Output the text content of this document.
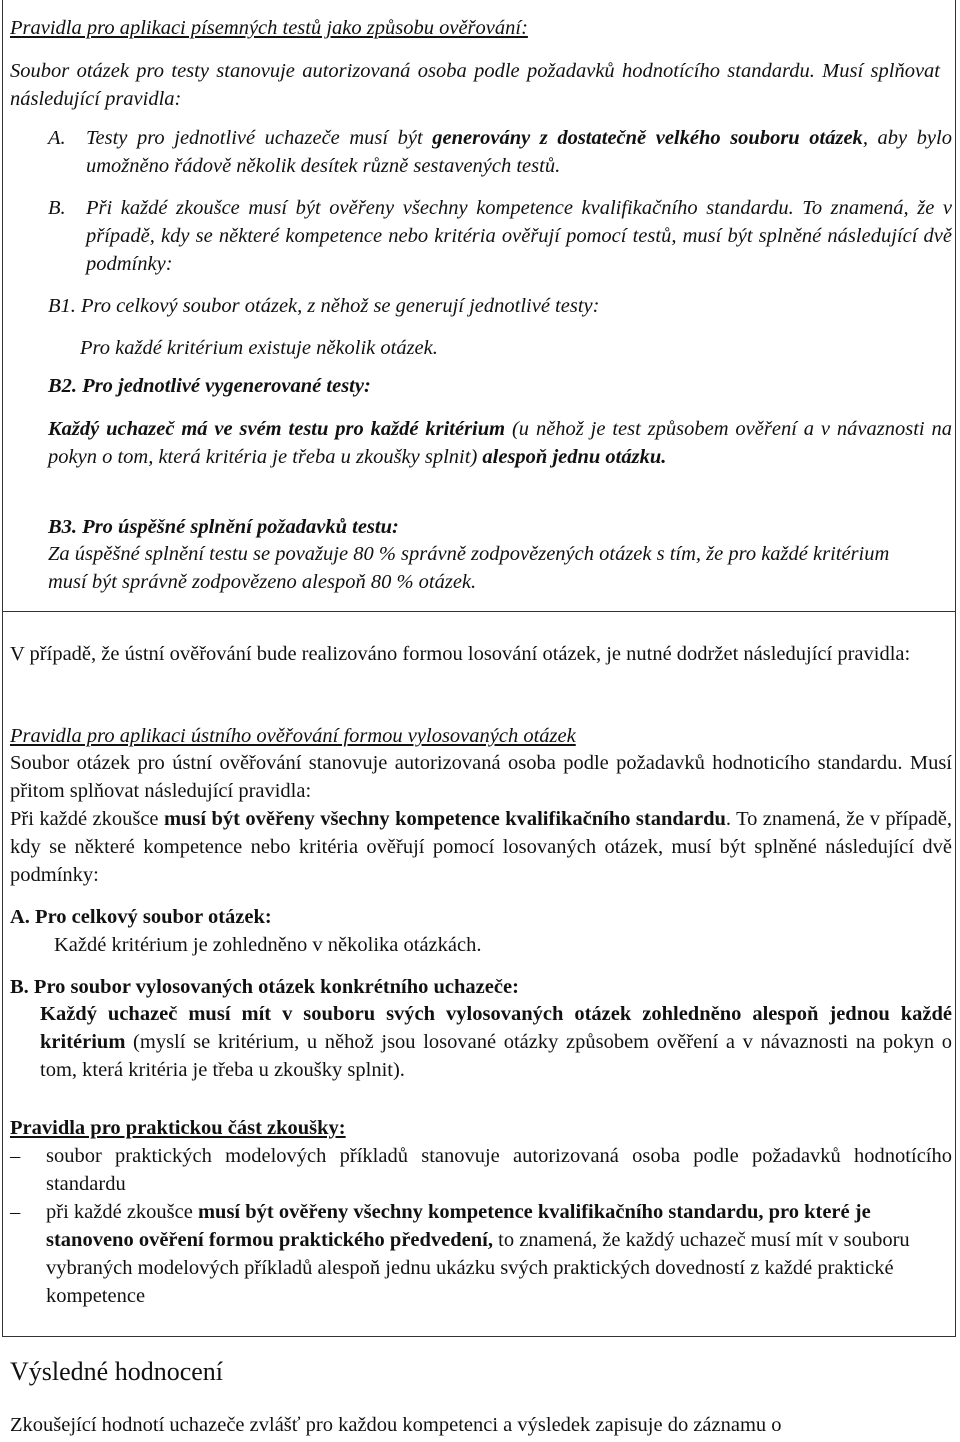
Pravidla pro aplikaci písemných testů jako způsobu ověřování:
Soubor otázek pro testy stanovuje autorizovaná osoba podle požadavků hodnotícího standardu. Musí splňovat následující pravidla:
A. Testy pro jednotlivé uchazeče musí být generovány z dostatečně velkého souboru otázek, aby bylo umožněno řádově několik desítek různě sestavených testů.
B. Při každé zkoušce musí být ověřeny všechny kompetence kvalifikačního standardu. To znamená, že v případě, kdy se některé kompetence nebo kritéria ověřují pomocí testů, musí být splněné následující dvě podmínky:
B1. Pro celkový soubor otázek, z něhož se generují jednotlivé testy:
Pro každé kritérium existuje několik otázek.
B2. Pro jednotlivé vygenerované testy:
Každý uchazeč má ve svém testu pro každé kritérium (u něhož je test způsobem ověření a v návaznosti na pokyn o tom, která kritéria je třeba u zkoušky splnit) alespoň jednu otázku.
B3. Pro úspěšné splnění požadavků testu:
Za úspěšné splnění testu se považuje 80 % správně zodpovězených otázek s tím, že pro každé kritérium musí být správně zodpovězeno alespoň 80 % otázek.
V případě, že ústní ověřování bude realizováno formou losování otázek, je nutné dodržet následující pravidla:
Pravidla pro aplikaci ústního ověřování formou vylosovaných otázek
Soubor otázek pro ústní ověřování stanovuje autorizovaná osoba podle požadavků hodnoticího standardu. Musí přitom splňovat následující pravidla:
Při každé zkoušce musí být ověřeny všechny kompetence kvalifikačního standardu. To znamená, že v případě, kdy se některé kompetence nebo kritéria ověřují pomocí losovaných otázek, musí být splněné následující dvě podmínky:
A. Pro celkový soubor otázek:
Každé kritérium je zohledněno v několika otázkách.
B. Pro soubor vylosovaných otázek konkrétního uchazeče:
Každý uchazeč musí mít v souboru svých vylosovaných otázek zohledněno alespoň jednou každé kritérium (myslí se kritérium, u něhož jsou losované otázky způsobem ověření a v návaznosti na pokyn o tom, která kritéria je třeba u zkoušky splnit).
Pravidla pro praktickou část zkoušky:
–	soubor praktických modelových příkladů stanovuje autorizovaná osoba podle požadavků hodnotícího standardu
–	při každé zkoušce musí být ověřeny všechny kompetence kvalifikačního standardu, pro které je stanoveno ověření formou praktického předvedení, to znamená, že každý uchazeč musí mít v souboru vybraných modelových příkladů alespoň jednu ukázku svých praktických dovedností z každé praktické kompetence
Výsledné hodnocení
Zkoušející hodnotí uchazeče zvlášť pro každou kompetenci a výsledek zapisuje do záznamu o
